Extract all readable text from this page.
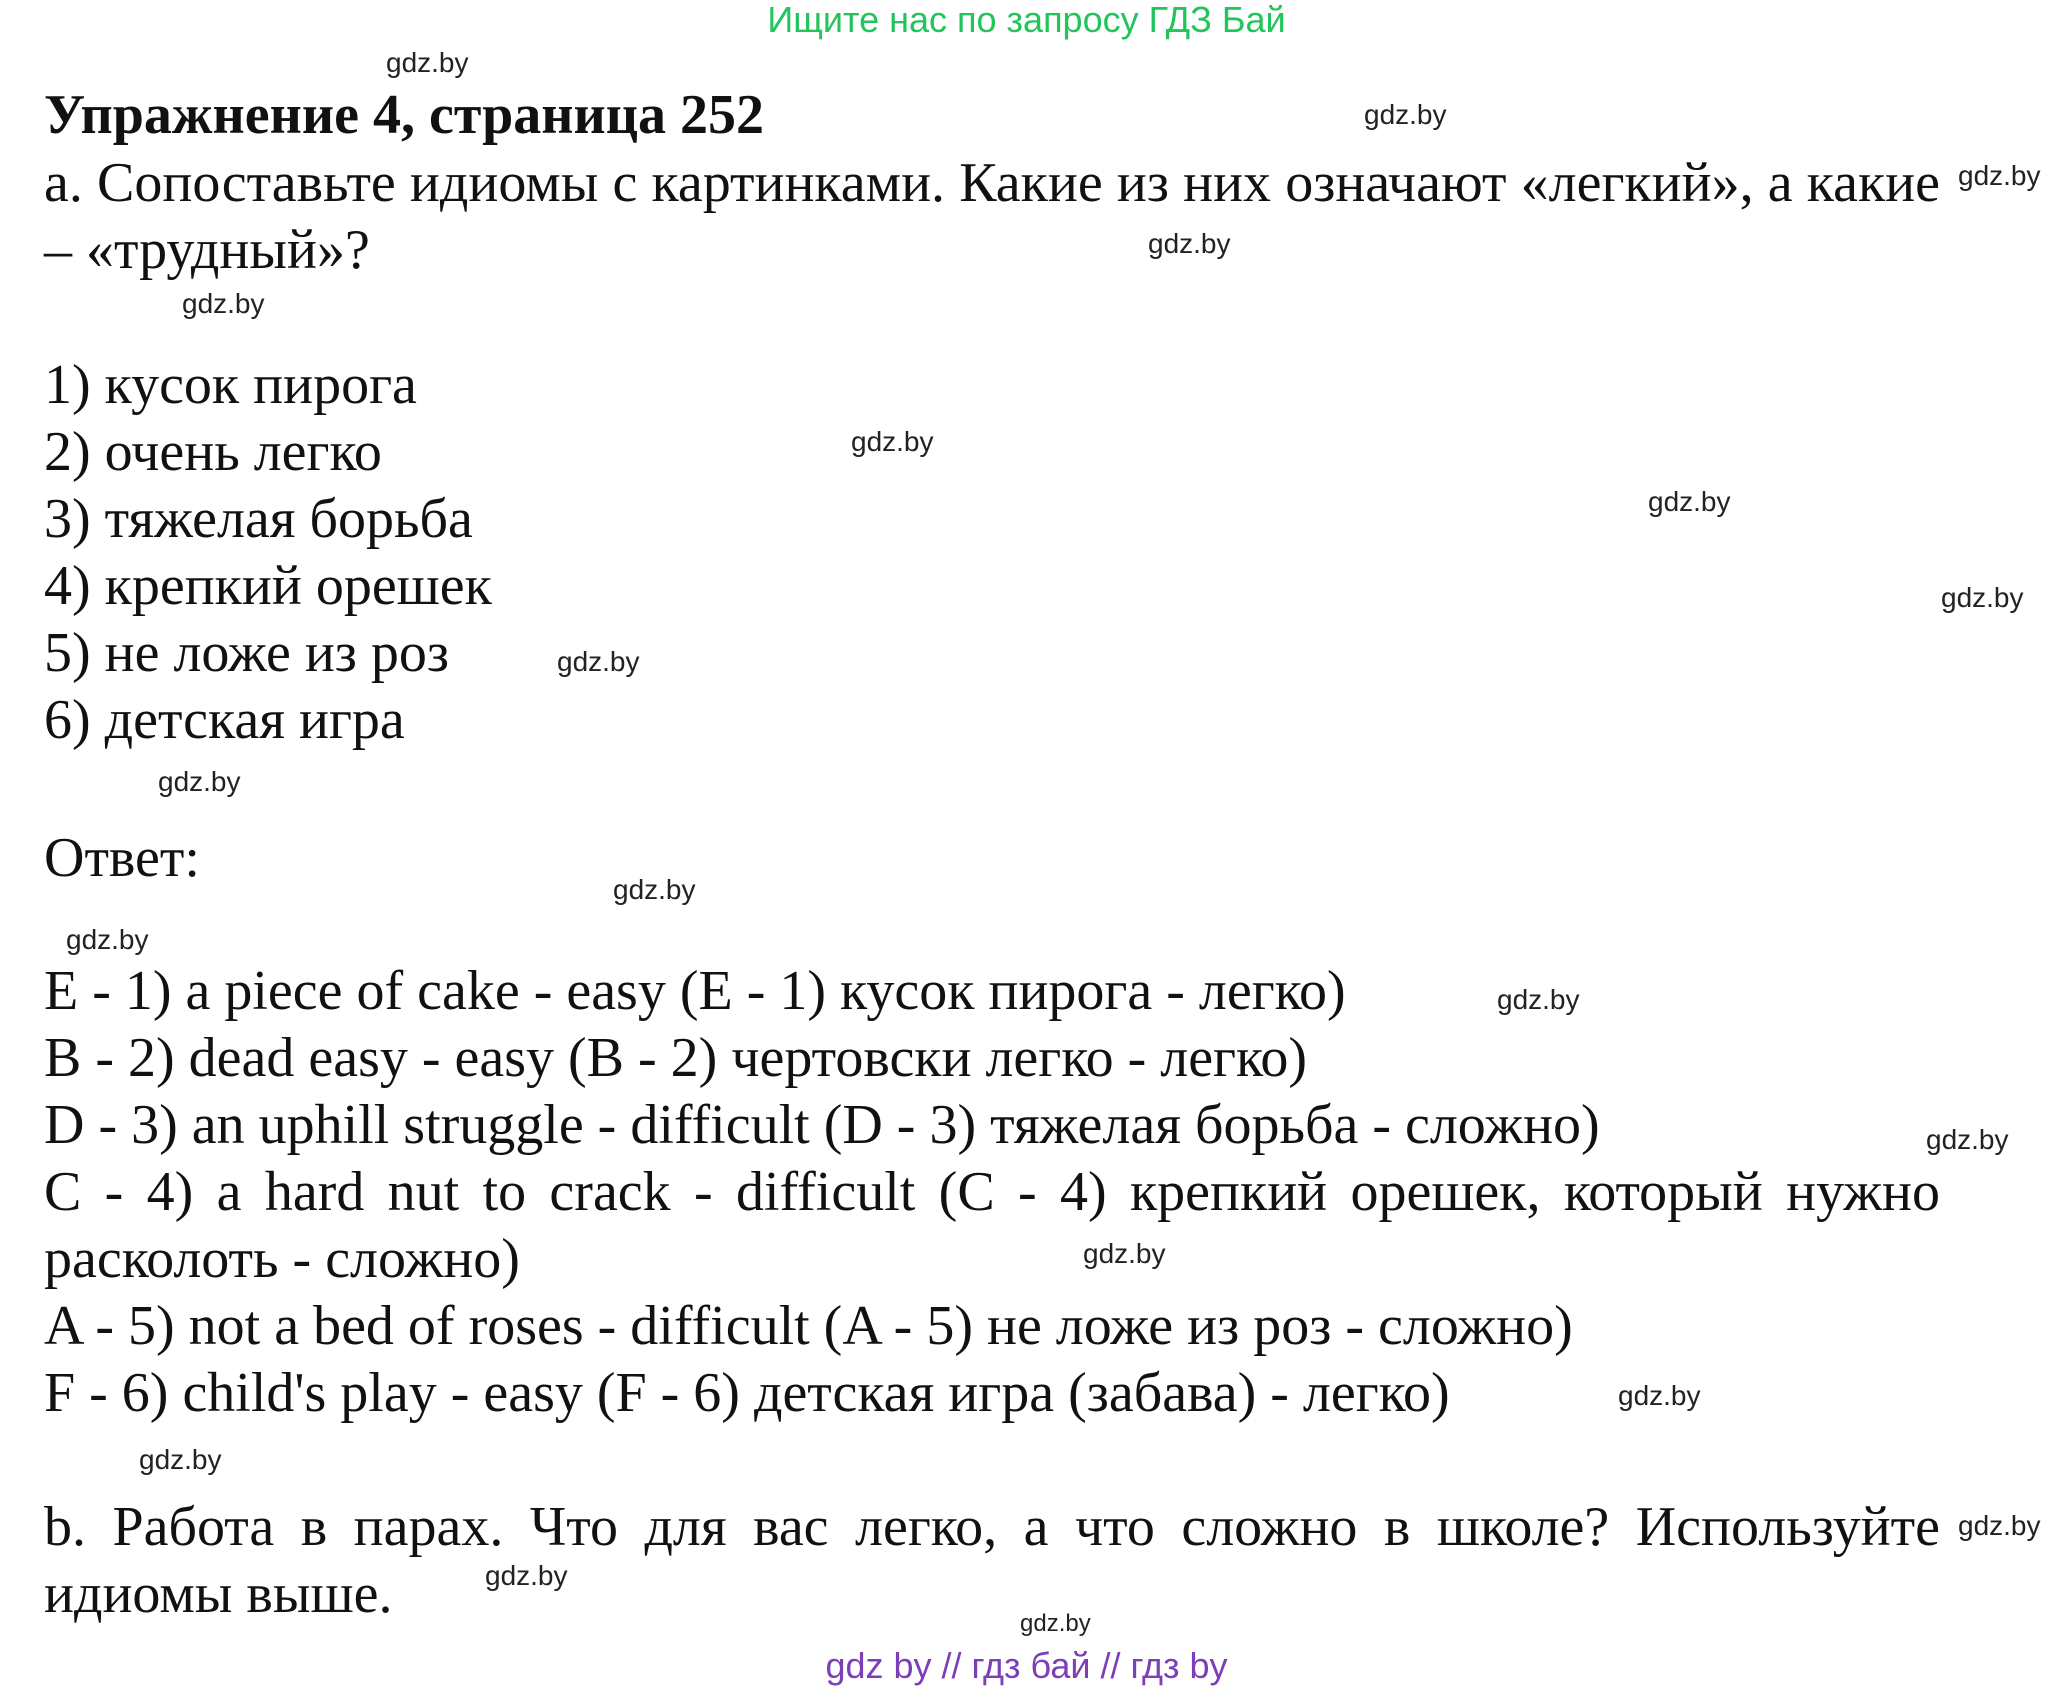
Ищите нас по запросу ГДЗ Бай
Упражнение 4, страница 252
a. Сопоставьте идиомы с картинками. Какие из них означают «легкий», а какие – «трудный»?
1) кусок пирога
2) очень легко
3) тяжелая борьба
4) крепкий орешек
5) не ложе из роз
6) детская игра
Ответ:
E - 1) a piece of cake - easy (E - 1) кусок пирога - легко)
B - 2) dead easy - easy (B - 2) чертовски легко - легко)
D - 3) an uphill struggle - difficult (D - 3) тяжелая борьба - сложно)
C - 4) a hard nut to crack - difficult (C - 4) крепкий орешек, который нужно расколоть - сложно)
A - 5) not a bed of roses - difficult (A - 5) не ложе из роз - сложно)
F - 6) child's play - easy (F - 6) детская игра (забава) - легко)
b. Работа в парах. Что для вас легко, а что сложно в школе? Используйте идиомы выше.
gdz.by
gdz.by
gdz.by
gdz.by
gdz.by
gdz.by
gdz.by
gdz.by
gdz.by
gdz.by
gdz.by
gdz.by
gdz.by
gdz.by
gdz.by
gdz.by
gdz.by
gdz.by
gdz.by
gdz.by
gdz by // гдз бай // гдз by
